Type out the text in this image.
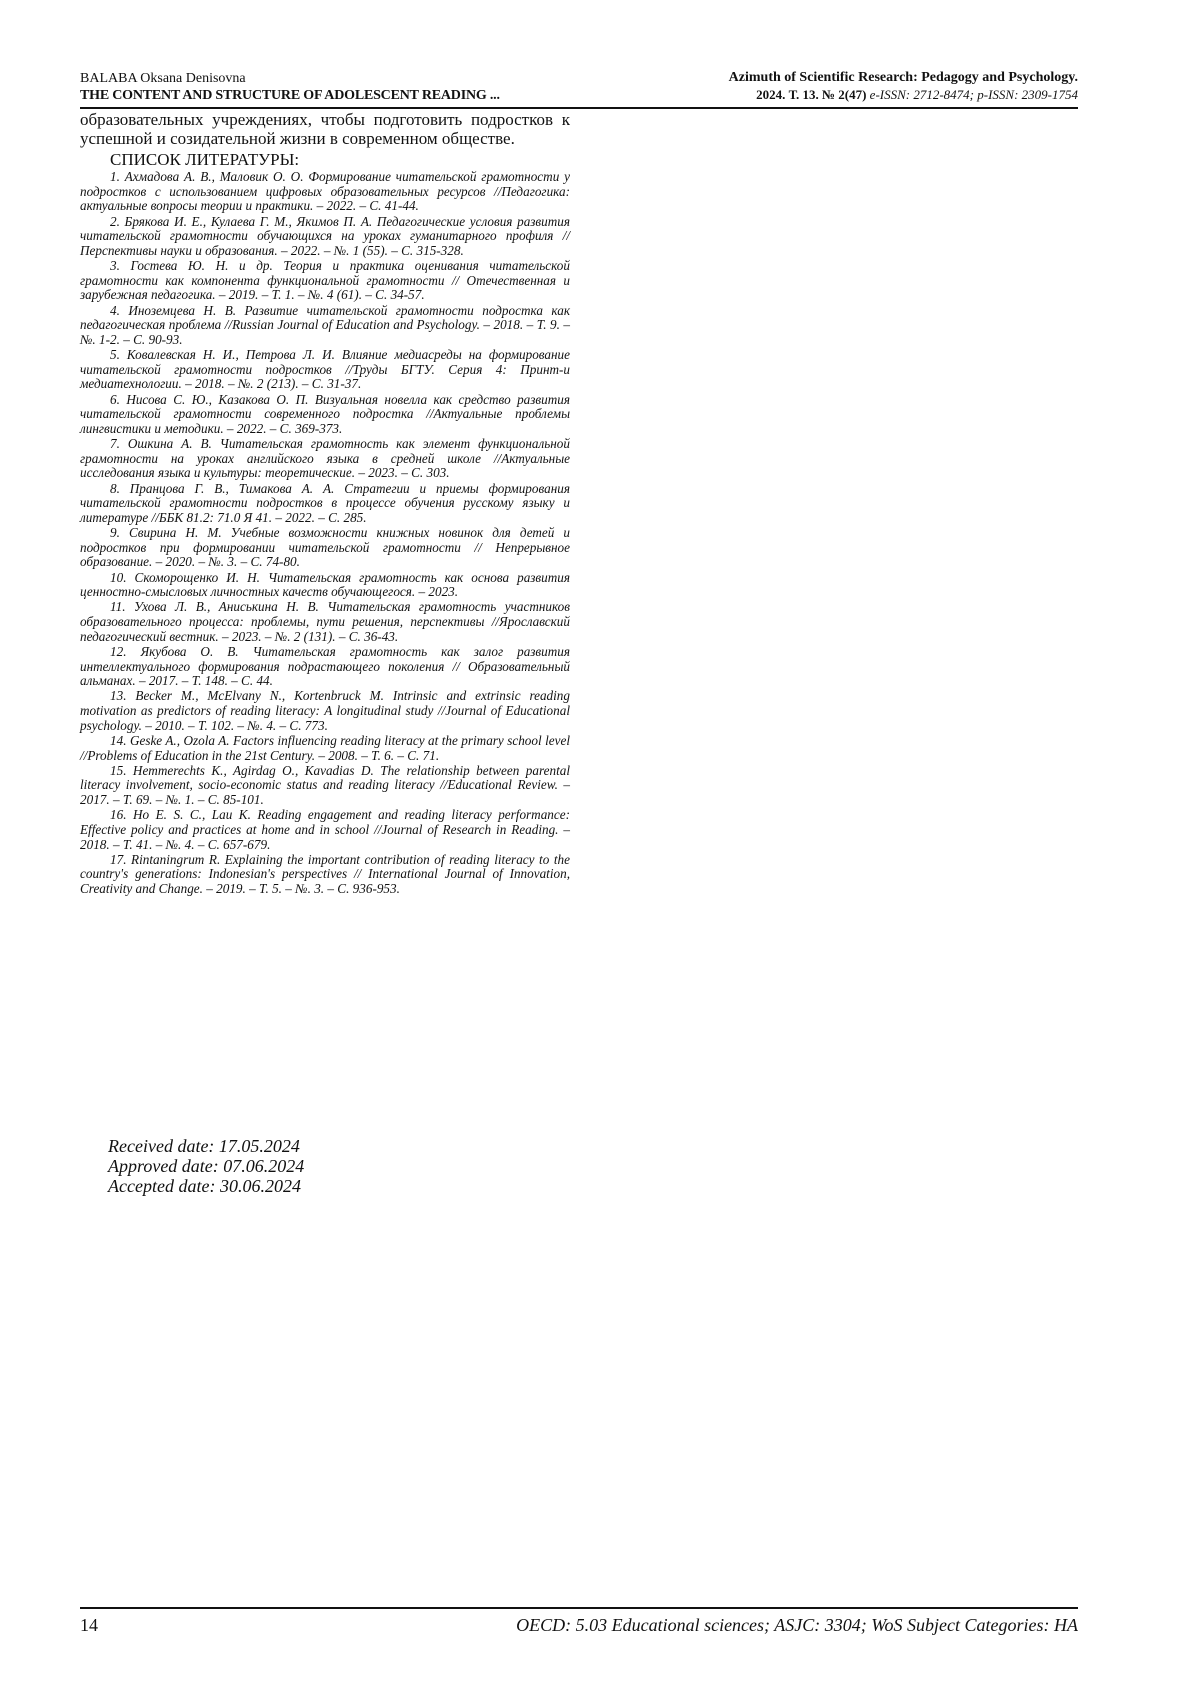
BALABA Oksana Denisovna
THE CONTENT AND STRUCTURE OF ADOLESCENT READING ...
Azimuth of Scientific Research: Pedagogy and Psychology.
2024. Т. 13. № 2(47) e-ISSN: 2712-8474; p-ISSN: 2309-1754

образовательных учреждениях, чтобы подготовить подростков к успешной и созидательной жизни в современном обществе.

СПИСОК ЛИТЕРАТУРЫ:
1. Ахмадова А. В., Маловик О. О. Формирование читательской грамотности у подростков с использованием цифровых образовательных ресурсов //Педагогика: актуальные вопросы теории и практики. – 2022. – С. 41-44.
2. Брякова И. Е., Кулаева Г. М., Якимов П. А. Педагогические условия развития читательской грамотности обучающихся на уроках гуманитарного профиля //Перспективы науки и образования. – 2022. – №. 1 (55). – С. 315-328.
3. Гостева Ю. Н. и др. Теория и практика оценивания читательской грамотности как компонента функциональной грамотности // Отечественная и зарубежная педагогика. – 2019. – Т. 1. – №. 4 (61). – С. 34-57.
4. Иноземцева Н. В. Развитие читательской грамотности подростка как педагогическая проблема //Russian Journal of Education and Psychology. – 2018. – Т. 9. – №. 1-2. – С. 90-93.
5. Ковалевская Н. И., Петрова Л. И. Влияние медиасреды на формирование читательской грамотности подростков //Труды БГТУ. Серия 4: Принт-и медиатехнологии. – 2018. – №. 2 (213). – С. 31-37.
6. Нисова С. Ю., Казакова О. П. Визуальная новелла как средство развития читательской грамотности современного подростка //Актуальные проблемы лингвистики и методики. – 2022. – С. 369-373.
7. Ошкина А. В. Читательская грамотность как элемент функциональной грамотности на уроках английского языка в средней школе //Актуальные исследования языка и культуры: теоретические. – 2023. – С. 303.
8. Пранцова Г. В., Тимакова А. А. Стратегии и приемы формирования читательской грамотности подростков в процессе обучения русскому языку и литературе //ББК 81.2: 71.0 Я 41. – 2022. – С. 285.
9. Свирина Н. М. Учебные возможности книжных новинок для детей и подростков при формировании читательской грамотности // Непрерывное образование. – 2020. – №. 3. – С. 74-80.
10. Скоморощенко И. Н. Читательская грамотность как основа развития ценностно-смысловых личностных качеств обучающегося. – 2023.
11. Ухова Л. В., Аниськина Н. В. Читательская грамотность участников образовательного процесса: проблемы, пути решения, перспективы //Ярославский педагогический вестник. – 2023. – №. 2 (131). – С. 36-43.
12. Якубова О. В. Читательская грамотность как залог развития интеллектуального формирования подрастающего поколения // Образовательный альманах. – 2017. – Т. 148. – С. 44.
13. Becker M., McElvany N., Kortenbruck M. Intrinsic and extrinsic reading motivation as predictors of reading literacy: A longitudinal study //Journal of Educational psychology. – 2010. – Т. 102. – №. 4. – С. 773.
14. Geske A., Ozola A. Factors influencing reading literacy at the primary school level //Problems of Education in the 21st Century. – 2008. – Т. 6. – С. 71.
15. Hemmerechts K., Agirdag O., Kavadias D. The relationship between parental literacy involvement, socio-economic status and reading literacy //Educational Review. – 2017. – Т. 69. – №. 1. – С. 85-101.
16. Ho E. S. C., Lau K. Reading engagement and reading literacy performance: Effective policy and practices at home and in school //Journal of Research in Reading. – 2018. – Т. 41. – №. 4. – С. 657-679.
17. Rintaningrum R. Explaining the important contribution of reading literacy to the country's generations: Indonesian's perspectives // International Journal of Innovation, Creativity and Change. – 2019. – Т. 5. – №. 3. – С. 936-953.
Received date: 17.05.2024
Approved date: 07.06.2024
Accepted date: 30.06.2024
14	OECD: 5.03 Educational sciences; ASJC: 3304; WoS Subject Categories: HA
